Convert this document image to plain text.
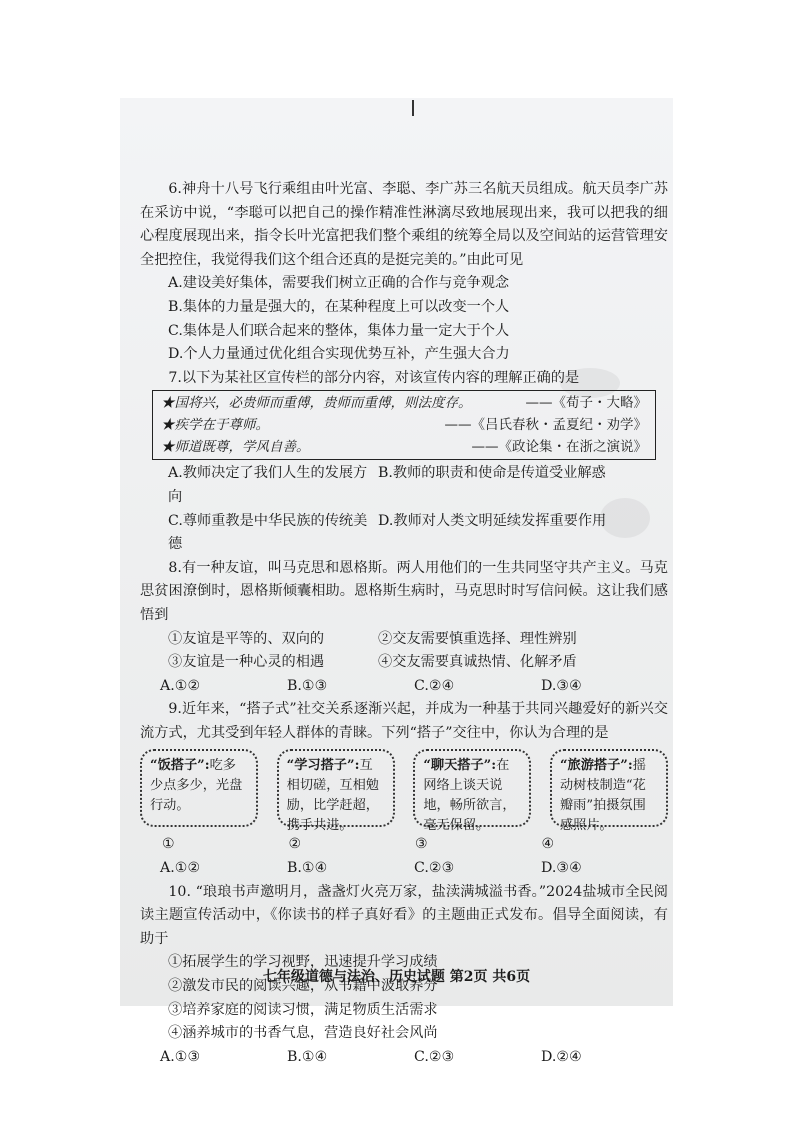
6.神舟十八号飞行乘组由叶光富、李聪、李广苏三名航天员组成。航天员李广苏在采访中说，“李聪可以把自己的操作精准性淋漓尽致地展现出来，我可以把我的细心程度展现出来，指令长叶光富把我们整个乘组的统筹全局以及空间站的运营管理安全把控住，我觉得我们这个组合还真的是挺完美的。”由此可见

A.建设美好集体，需要我们树立正确的合作与竞争观念

B.集体的力量是强大的，在某种程度上可以改变一个人

C.集体是人们联合起来的整体，集体力量一定大于个人

D.个人力量通过优化组合实现优势互补，产生强大合力

7.以下为某社区宣传栏的部分内容，对该宣传内容的理解正确的是

★国将兴，必贵师而重傅，贵师而重傅，则法度存。	——《荀子・大略》
★疾学在于尊师。	——《吕氏春秋・孟夏纪・劝学》
★师道既尊，学风自善。	——《政论集・在浙之演说》
A.教师决定了我们人生的发展方向
B.教师的职责和使命是传道受业解惑
C.尊师重教是中华民族的传统美德
D.教师对人类文明延续发挥重要作用

8.有一种友谊，叫马克思和恩格斯。两人用他们的一生共同坚守共产主义。马克思贫困潦倒时，恩格斯倾囊相助。恩格斯生病时，马克思时时写信问候。这让我们感悟到

①友谊是平等的、双向的	②交友需要慎重选择、理性辨别
③友谊是一种心灵的相遇	④交友需要真诚热情、化解矛盾
A.①②	B.①③	C.②④	D.③④

9.近年来，“搭子式”社交关系逐渐兴起，并成为一种基于共同兴趣爱好的新兴交流方式，尤其受到年轻人群体的青睐。下列“搭子”交往中，你认为合理的是

“饭搭子”:吃多少点多少，光盘行动。
“学习搭子”:互相切磋，互相勉励，比学赶超，携手共进。
“聊天搭子”:在网络上谈天说地，畅所欲言，毫无保留。
“旅游搭子”:摇动树枝制造“花瓣雨”拍摄氛围感照片。
①	②	③	④
A.①②	B.①④	C.②③	D.③④

10. “琅琅书声邀明月，盏盏灯火亮万家，盐渎满城溢书香。”2024盐城市全民阅读主题宣传活动中，《你读书的样子真好看》的主题曲正式发布。倡导全面阅读，有助于

①拓展学生的学习视野，迅速提升学习成绩

②激发市民的阅读兴趣，从书籍中汲取养分

③培养家庭的阅读习惯，满足物质生活需求

④涵养城市的书香气息，营造良好社会风尚

A.①③	B.①④	C.②③	D.②④
七年级道德与法治、历史试题 第2页 共6页
